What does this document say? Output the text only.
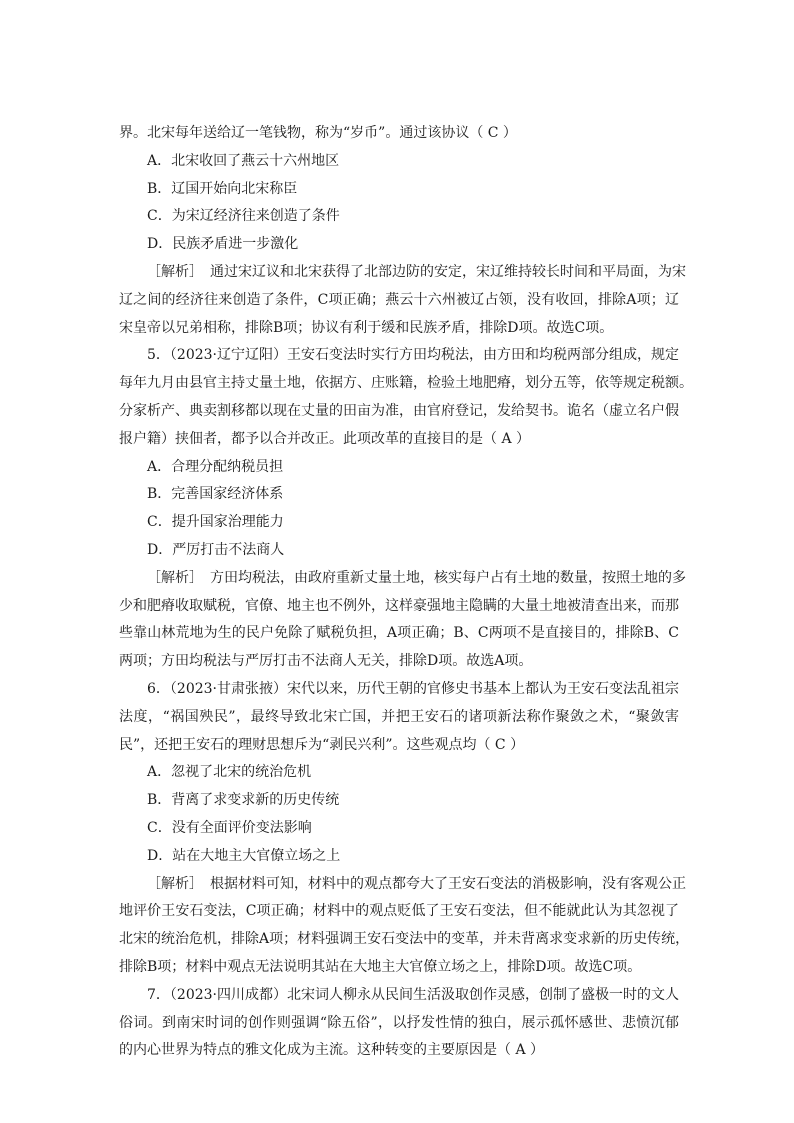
界。北宋每年送给辽一笔钱物，称为“岁币”。通过该协议（ C ）
A．北宋收回了燕云十六州地区
B．辽国开始向北宋称臣
C．为宋辽经济往来创造了条件
D．民族矛盾进一步激化
［解析］　通过宋辽议和北宋获得了北部边防的安定，宋辽维持较长时间和平局面，为宋
辽之间的经济往来创造了条件，C项正确；燕云十六州被辽占领，没有收回，排除A项；辽
宋皇帝以兄弟相称，排除B项；协议有利于缓和民族矛盾，排除D项。故选C项。
5．（2023·辽宁辽阳）王安石变法时实行方田均税法，由方田和均税两部分组成，规定
每年九月由县官主持丈量土地，依据方、庄账籍，检验土地肥瘠，划分五等，依等规定税额。
分家析产、典卖割移都以现在丈量的田亩为准，由官府登记，发给契书。诡名（虚立名户假
报户籍）挟佃者，都予以合并改正。此项改革的直接目的是（ A ）
A．合理分配纳税员担
B．完善国家经济体系
C．提升国家治理能力
D．严厉打击不法商人
［解析］　方田均税法，由政府重新丈量土地，核实每户占有土地的数量，按照土地的多
少和肥瘠收取赋税，官僚、地主也不例外，这样豪强地主隐瞒的大量土地被清查出来，而那
些靠山林荒地为生的民户免除了赋税负担，A项正确；B、C两项不是直接目的，排除B、C
两项；方田均税法与严厉打击不法商人无关，排除D项。故选A项。
6．（2023·甘肃张掖）宋代以来，历代王朝的官修史书基本上都认为王安石变法乱祖宗
法度，“祸国殃民”，最终导致北宋亡国，并把王安石的诸项新法称作聚敛之术，“聚敛害
民”，还把王安石的理财思想斥为“剥民兴利”。这些观点均（ C ）
A．忽视了北宋的统治危机
B．背离了求变求新的历史传统
C．没有全面评价变法影响
D．站在大地主大官僚立场之上
［解析］　根据材料可知，材料中的观点都夸大了王安石变法的消极影响，没有客观公正
地评价王安石变法，C项正确；材料中的观点贬低了王安石变法，但不能就此认为其忽视了
北宋的统治危机，排除A项；材料强调王安石变法中的变革，并未背离求变求新的历史传统，
排除B项；材料中观点无法说明其站在大地主大官僚立场之上，排除D项。故选C项。
7．（2023·四川成都）北宋词人柳永从民间生活汲取创作灵感，创制了盛极一时的文人
俗词。到南宋时词的创作则强调“除五俗”，以抒发性情的独白，展示孤怀感世、悲愤沉郁
的内心世界为特点的雅文化成为主流。这种转变的主要原因是（ A ）
